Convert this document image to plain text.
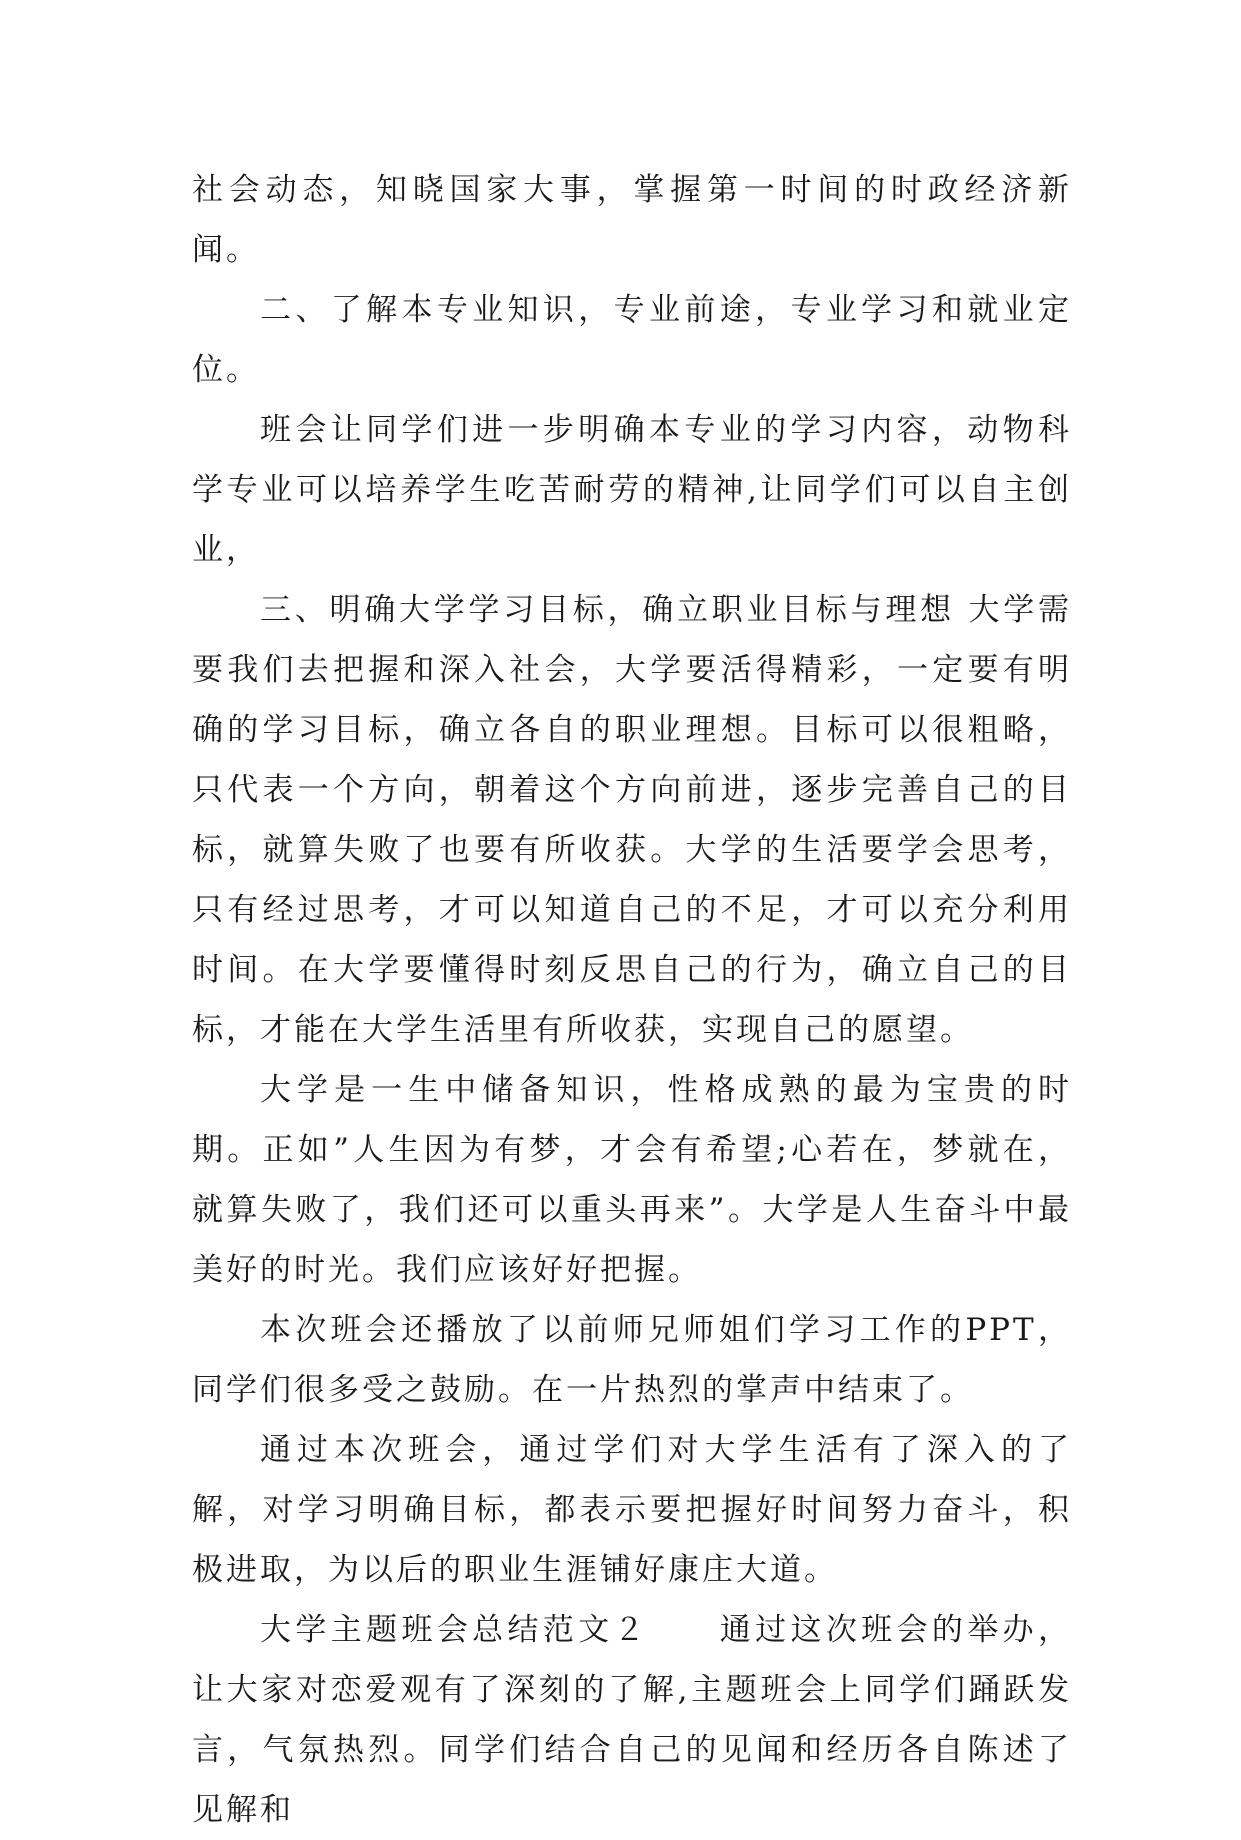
社会动态，知晓国家大事，掌握第一时间的时政经济新闻。

二、了解本专业知识，专业前途，专业学习和就业定位。

班会让同学们进一步明确本专业的学习内容，动物科学专业可以培养学生吃苦耐劳的精神,让同学们可以自主创业，

三、明确大学学习目标，确立职业目标与理想 大学需要我们去把握和深入社会，大学要活得精彩，一定要有明确的学习目标，确立各自的职业理想。目标可以很粗略，只代表一个方向，朝着这个方向前进，逐步完善自己的目标，就算失败了也要有所收获。大学的生活要学会思考，只有经过思考，才可以知道自己的不足，才可以充分利用时间。在大学要懂得时刻反思自己的行为，确立自己的目标，才能在大学生活里有所收获，实现自己的愿望。

大学是一生中储备知识，性格成熟的最为宝贵的时期。正如”人生因为有梦，才会有希望;心若在，梦就在，就算失败了，我们还可以重头再来”。大学是人生奋斗中最美好的时光。我们应该好好把握。

本次班会还播放了以前师兄师姐们学习工作的PPT，同学们很多受之鼓励。在一片热烈的掌声中结束了。

通过本次班会，通过学们对大学生活有了深入的了解，对学习明确目标，都表示要把握好时间努力奋斗，积极进取，为以后的职业生涯铺好康庄大道。

大学主题班会总结范文２　　通过这次班会的举办，让大家对恋爱观有了深刻的了解,主题班会上同学们踊跃发言，气氛热烈。同学们结合自己的见闻和经历各自陈述了见解和
